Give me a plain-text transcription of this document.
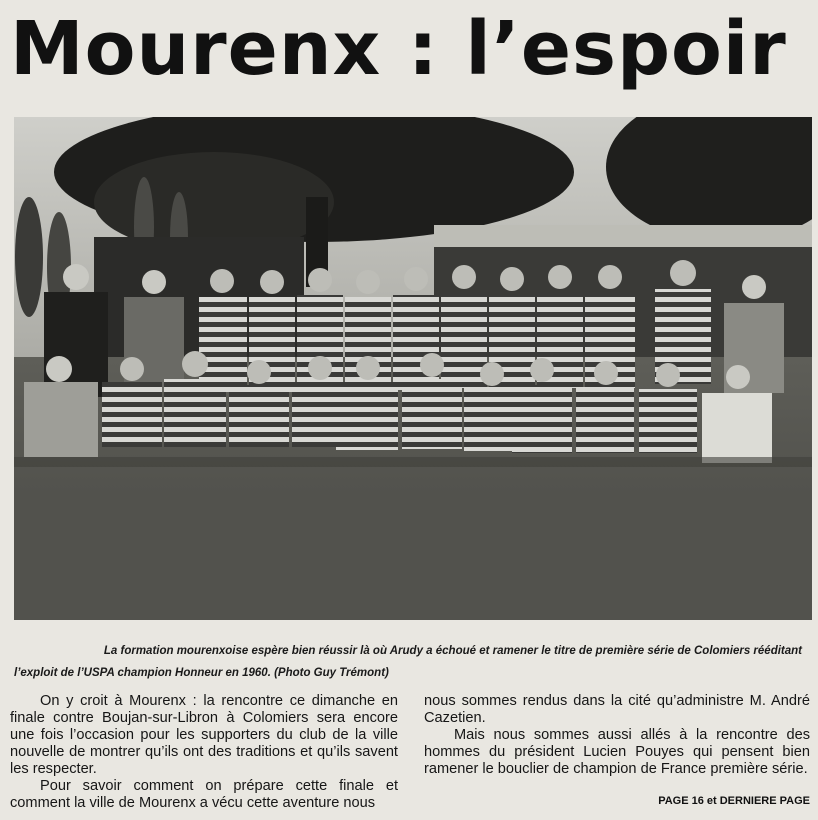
Mourenx : l’espoir
La formation mourenxoise espère bien réussir là où Arudy a échoué et ramener le titre de première série de Colomiers rééditant
l’exploit de l’USPA champion Honneur en 1960. (Photo Guy Trémont)

On y croit à Mourenx : la rencontre ce dimanche en finale contre Boujan-sur-Libron à Colomiers sera encore une fois l’occasion pour les supporters du club de la ville nouvelle de montrer qu’ils ont des traditions et qu’ils savent les respecter.

Pour savoir comment on prépare cette finale et comment la ville de Mourenx a vécu cette aventure nous

nous sommes rendus dans la cité qu’administre M. André Cazetien.

Mais nous sommes aussi allés à la rencontre des hommes du président Lucien Pouyes qui pensent bien ramener le bouclier de champion de France première série.

PAGE 16 et DERNIERE PAGE
